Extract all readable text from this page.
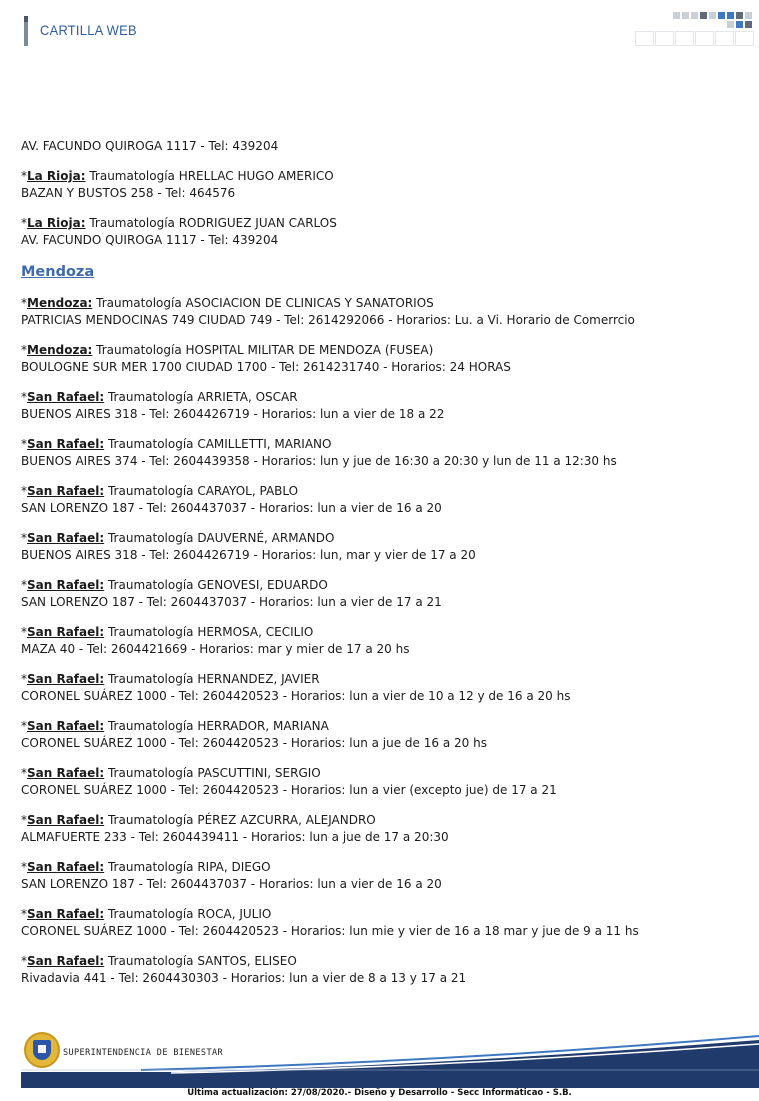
CARTILLA WEB
AV. FACUNDO QUIROGA 1117 - Tel: 439204
*La Rioja: Traumatología HRELLAC HUGO AMERICO
BAZAN Y BUSTOS 258 - Tel: 464576
*La Rioja: Traumatología RODRIGUEZ JUAN CARLOS
AV. FACUNDO QUIROGA 1117 - Tel: 439204
Mendoza
*Mendoza: Traumatología ASOCIACION DE CLINICAS Y SANATORIOS
PATRICIAS MENDOCINAS 749 CIUDAD 749 - Tel: 2614292066 - Horarios: Lu. a Vi. Horario de Comerrcio
*Mendoza: Traumatología HOSPITAL MILITAR DE MENDOZA (FUSEA)
BOULOGNE SUR MER 1700 CIUDAD 1700 - Tel: 2614231740 - Horarios: 24 HORAS
*San Rafael: Traumatología ARRIETA, OSCAR
BUENOS AIRES 318 - Tel: 2604426719 - Horarios: lun a vier de 18 a 22
*San Rafael: Traumatología CAMILLETTI, MARIANO
BUENOS AIRES 374 - Tel: 2604439358 - Horarios: lun y jue de 16:30 a 20:30 y lun de 11 a 12:30 hs
*San Rafael: Traumatología CARAYOL, PABLO
SAN LORENZO 187 - Tel: 2604437037 - Horarios: lun a vier de 16 a 20
*San Rafael: Traumatología DAUVERNÉ, ARMANDO
BUENOS AIRES 318 - Tel: 2604426719 - Horarios: lun, mar y vier de 17 a 20
*San Rafael: Traumatología GENOVESI, EDUARDO
SAN LORENZO 187 - Tel: 2604437037 - Horarios: lun a vier de 17 a 21
*San Rafael: Traumatología HERMOSA, CECILIO
MAZA 40 - Tel: 2604421669 - Horarios: mar y mier de 17 a 20 hs
*San Rafael: Traumatología HERNANDEZ, JAVIER
CORONEL SUÁREZ 1000 - Tel: 2604420523 - Horarios: lun a vier de 10 a 12 y de 16 a 20 hs
*San Rafael: Traumatología HERRADOR, MARIANA
CORONEL SUÁREZ 1000 - Tel: 2604420523 - Horarios: lun a jue de 16 a 20 hs
*San Rafael: Traumatología PASCUTTINI, SERGIO
CORONEL SUÁREZ 1000 - Tel: 2604420523 - Horarios: lun a vier (excepto jue) de 17 a 21
*San Rafael: Traumatología PÉREZ AZCURRA, ALEJANDRO
ALMAFUERTE 233 - Tel: 2604439411 - Horarios: lun a jue de 17 a 20:30
*San Rafael: Traumatología RIPA, DIEGO
SAN LORENZO 187 - Tel: 2604437037 - Horarios: lun a vier de 16 a 20
*San Rafael: Traumatología ROCA, JULIO
CORONEL SUÁREZ 1000 - Tel: 2604420523 - Horarios: lun mie y vier de 16 a 18 mar y jue de 9 a 11 hs
*San Rafael: Traumatología SANTOS, ELISEO
Rivadavia 441 - Tel: 2604430303 - Horarios: lun a vier de 8 a 13 y 17 a 21
SUPERINTENDENCIA DE BIENESTAR
Ultima actualización: 27/08/2020.- Diseño y Desarrollo - Secc Informáticao - S.B.
